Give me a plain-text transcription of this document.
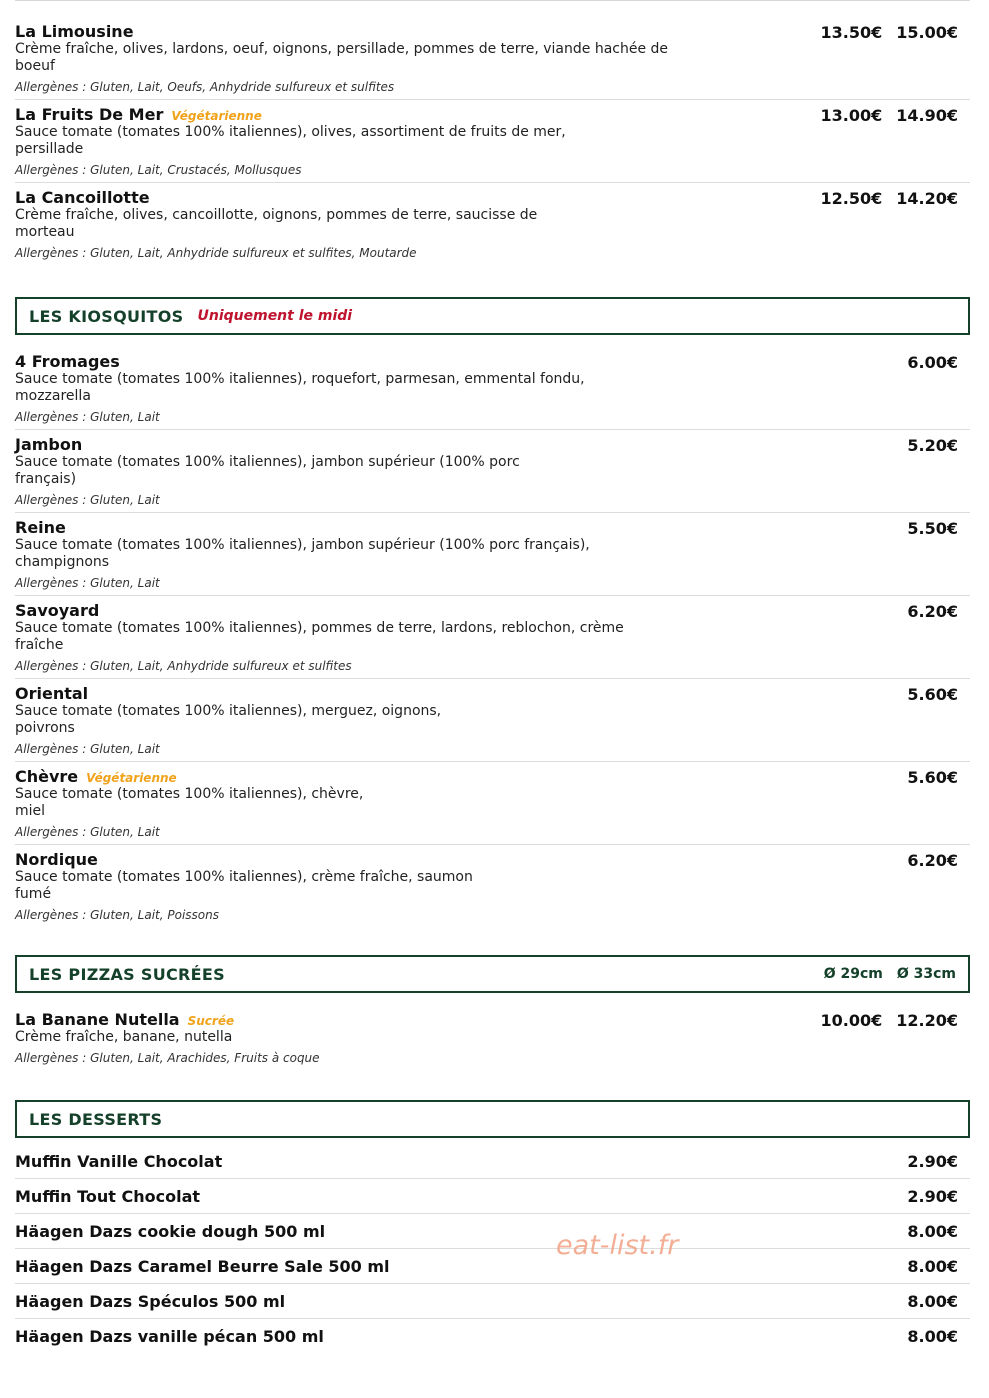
La Limousine
Crème fraîche, olives, lardons, oeuf, oignons, persillade, pommes de terre, viande hachée de boeuf
Allergènes : Gluten, Lait, Oeufs, Anhydride sulfureux et sulfites
13.50€ 15.00€
La Fruits De Mer Végétarienne
Sauce tomate (tomates 100% italiennes), olives, assortiment de fruits de mer, persillade
Allergènes : Gluten, Lait, Crustacés, Mollusques
13.00€ 14.90€
La Cancoillotte
Crème fraîche, olives, cancoillotte, oignons, pommes de terre, saucisse de morteau
Allergènes : Gluten, Lait, Anhydride sulfureux et sulfites, Moutarde
12.50€ 14.20€
LES KIOSQUITOS Uniquement le midi
4 Fromages
Sauce tomate (tomates 100% italiennes), roquefort, parmesan, emmental fondu, mozzarella
Allergènes : Gluten, Lait
6.00€
Jambon
Sauce tomate (tomates 100% italiennes), jambon supérieur (100% porc français)
Allergènes : Gluten, Lait
5.20€
Reine
Sauce tomate (tomates 100% italiennes), jambon supérieur (100% porc français), champignons
Allergènes : Gluten, Lait
5.50€
Savoyard
Sauce tomate (tomates 100% italiennes), pommes de terre, lardons, reblochon, crème fraîche
Allergènes : Gluten, Lait, Anhydride sulfureux et sulfites
6.20€
Oriental
Sauce tomate (tomates 100% italiennes), merguez, oignons, poivrons
Allergènes : Gluten, Lait
5.60€
Chèvre Végétarienne
Sauce tomate (tomates 100% italiennes), chèvre, miel
Allergènes : Gluten, Lait
5.60€
Nordique
Sauce tomate (tomates 100% italiennes), crème fraîche, saumon fumé
Allergènes : Gluten, Lait, Poissons
6.20€
LES PIZZAS SUCRÉES	Ø 29cm Ø 33cm
La Banane Nutella Sucrée
Crème fraîche, banane, nutella
Allergènes : Gluten, Lait, Arachides, Fruits à coque
10.00€ 12.20€
LES DESSERTS
Muffin Vanille Chocolat	2.90€
Muffin Tout Chocolat	2.90€
Häagen Dazs cookie dough 500 ml	8.00€
Häagen Dazs Caramel Beurre Sale 500 ml	8.00€
Häagen Dazs Spéculos 500 ml	8.00€
Häagen Dazs vanille pécan 500 ml	8.00€
eat-list.fr
